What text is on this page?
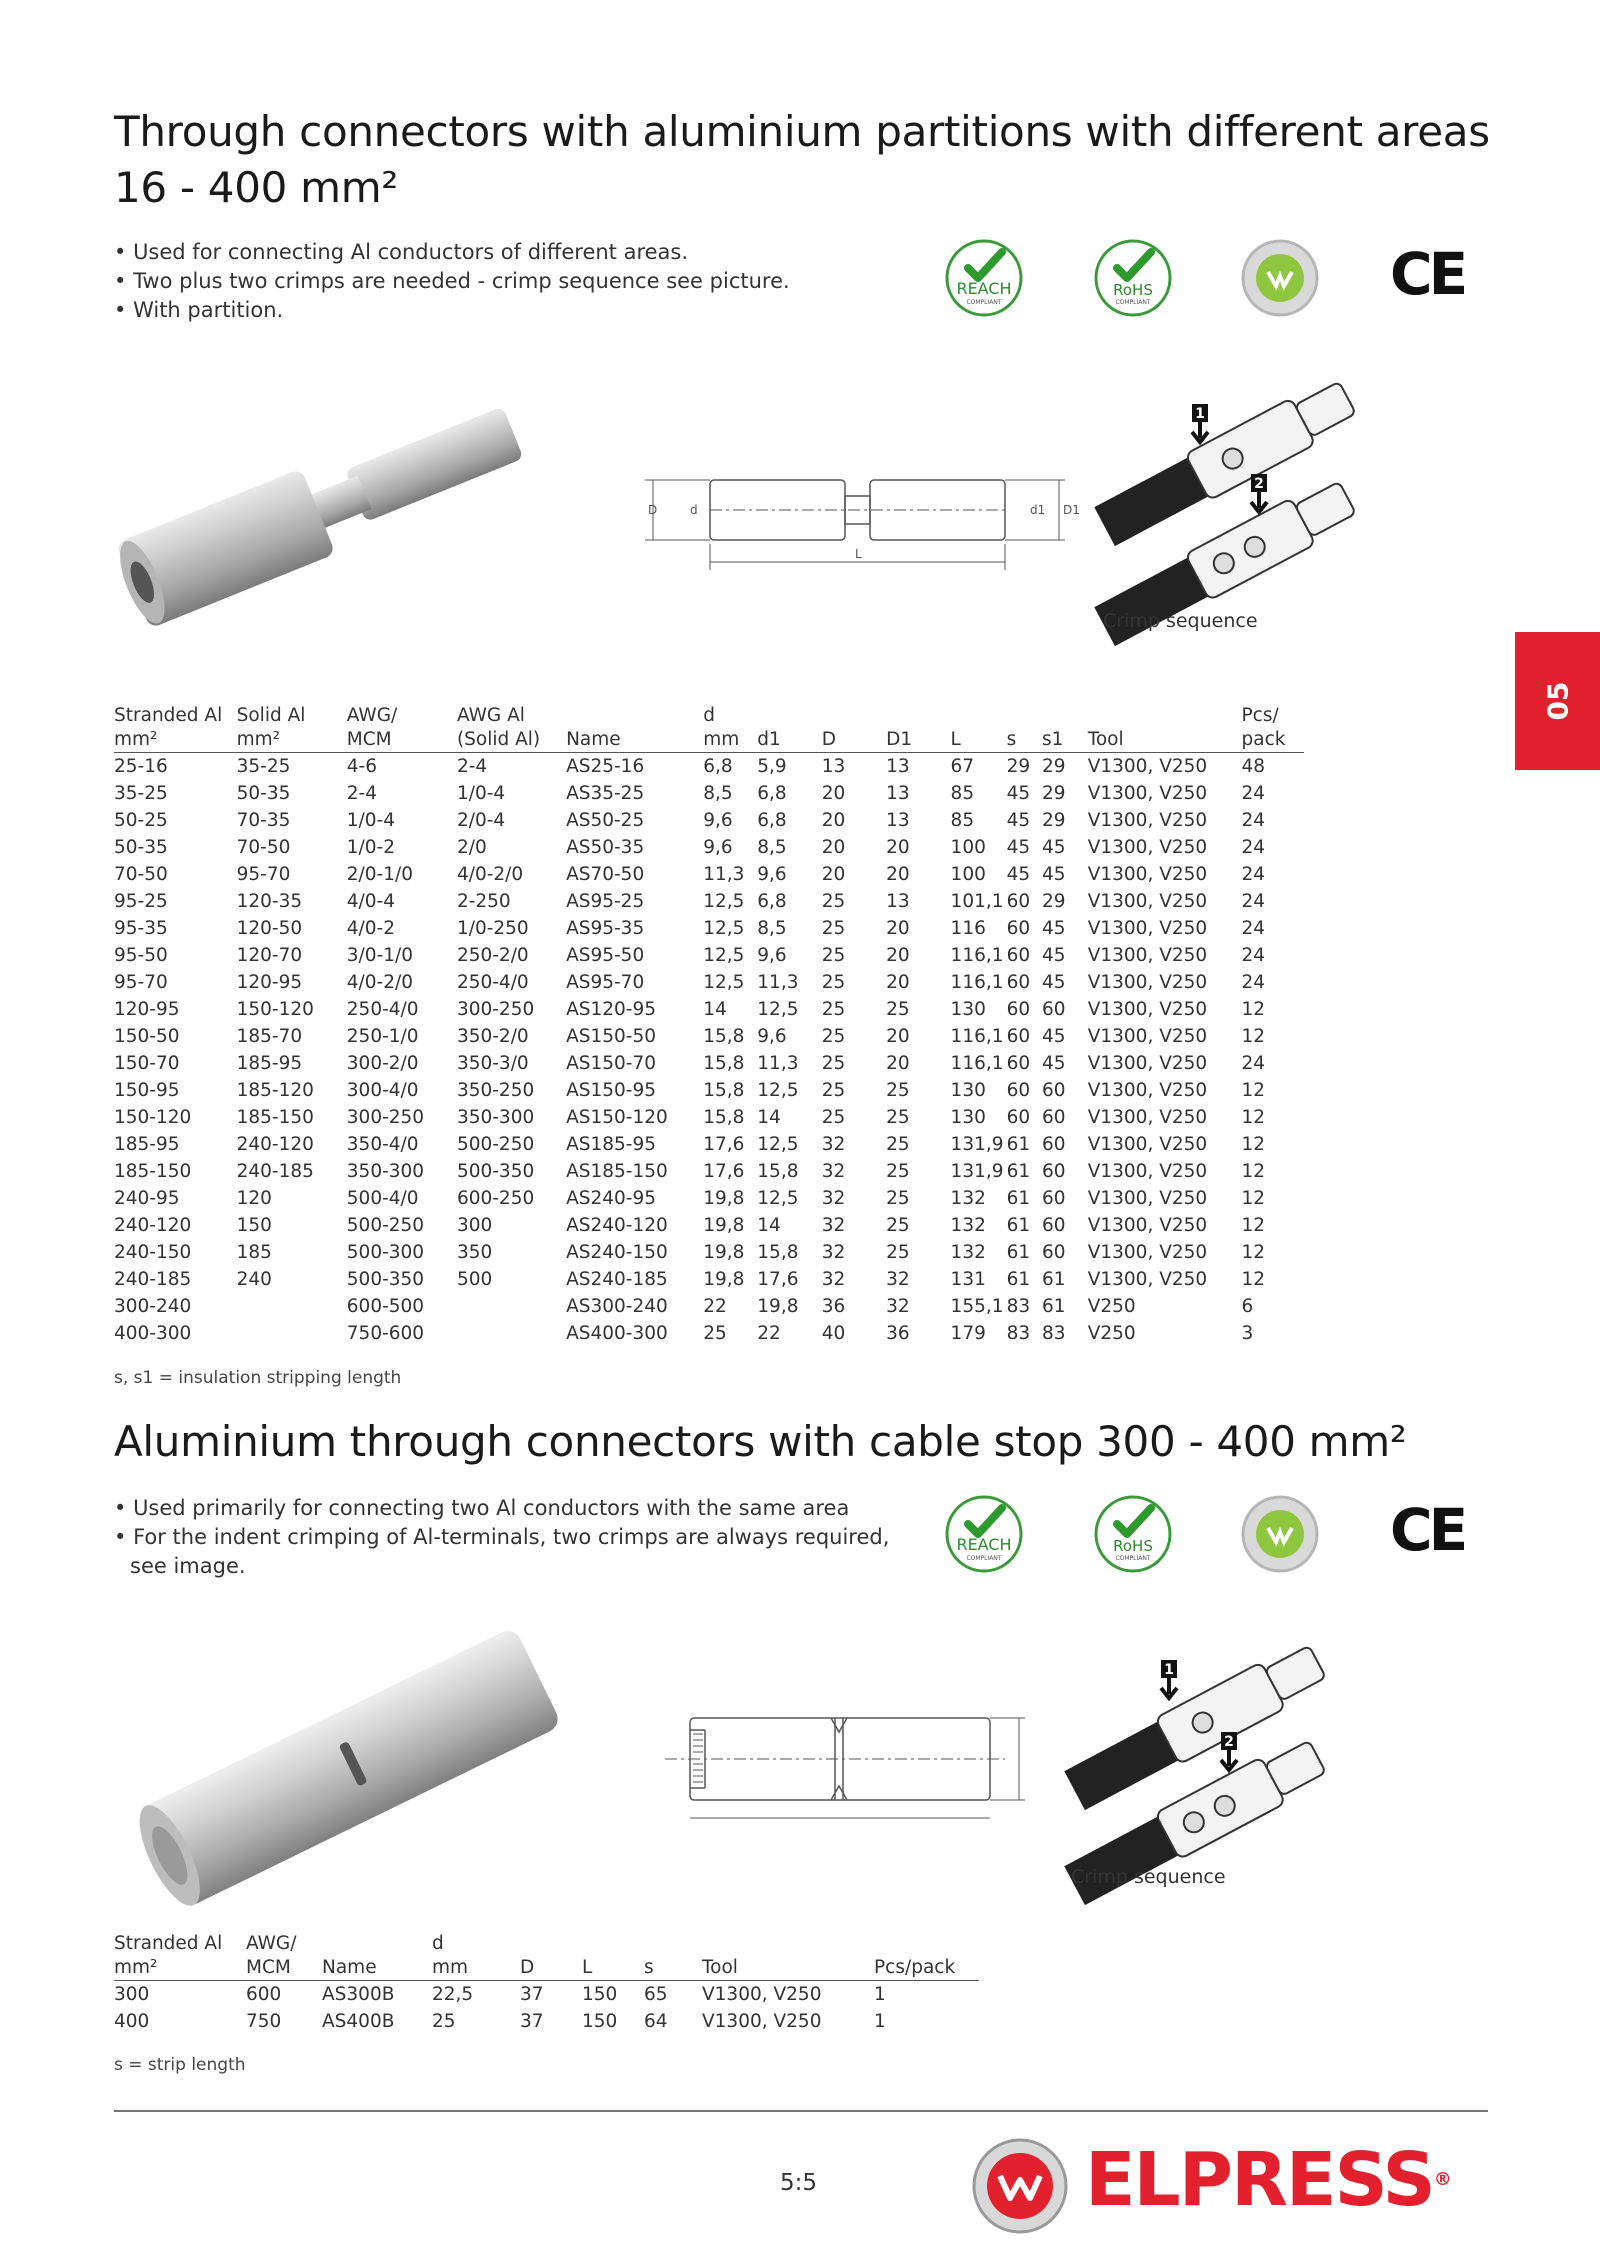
Through connectors with aluminium partitions with different areas
16 - 400 mm²
• Used for connecting Al conductors of different areas.
• Two plus two crimps are needed - crimp sequence see picture.
• With partition.
REACH
COMPLIANT
RoHS
COMPLIANT	CE
D	d	d1 D1
L
1
2
Crimp sequence
Stranded Al
mm²	Solid Al
mm²	AWG/
MCM	AWG Al
(Solid Al)	Name	d
mm	d1	D	D1	L	s	s1	Tool	Pcs/
pack
25-16	35-25	4-6	2-4	AS25-16	6,8	5,9	13	13	67	29	29	V1300, V250	48
35-25	50-35	2-4	1/0-4	AS35-25	8,5	6,8	20	13	85	45	29	V1300, V250	24
50-25	70-35	1/0-4	2/0-4	AS50-25	9,6	6,8	20	13	85	45	29	V1300, V250	24
50-35	70-50	1/0-2	2/0	AS50-35	9,6	8,5	20	20	100	45	45	V1300, V250	24
70-50	95-70	2/0-1/0	4/0-2/0	AS70-50	11,3	9,6	20	20	100	45	45	V1300, V250	24
95-25	120-35	4/0-4	2-250	AS95-25	12,5	6,8	25	13	101,1	60	29	V1300, V250	24
95-35	120-50	4/0-2	1/0-250	AS95-35	12,5	8,5	25	20	116	60	45	V1300, V250	24
95-50	120-70	3/0-1/0	250-2/0	AS95-50	12,5	9,6	25	20	116,1	60	45	V1300, V250	24
95-70	120-95	4/0-2/0	250-4/0	AS95-70	12,5	11,3	25	20	116,1	60	45	V1300, V250	24
120-95	150-120	250-4/0	300-250	AS120-95	14	12,5	25	25	130	60	60	V1300, V250	12
150-50	185-70	250-1/0	350-2/0	AS150-50	15,8	9,6	25	20	116,1	60	45	V1300, V250	12
150-70	185-95	300-2/0	350-3/0	AS150-70	15,8	11,3	25	20	116,1	60	45	V1300, V250	24
150-95	185-120	300-4/0	350-250	AS150-95	15,8	12,5	25	25	130	60	60	V1300, V250	12
150-120	185-150	300-250	350-300	AS150-120	15,8	14	25	25	130	60	60	V1300, V250	12
185-95	240-120	350-4/0	500-250	AS185-95	17,6	12,5	32	25	131,9	61	60	V1300, V250	12
185-150	240-185	350-300	500-350	AS185-150	17,6	15,8	32	25	131,9	61	60	V1300, V250	12
240-95	120	500-4/0	600-250	AS240-95	19,8	12,5	32	25	132	61	60	V1300, V250	12
240-120	150	500-250	300	AS240-120	19,8	14	32	25	132	61	60	V1300, V250	12
240-150	185	500-300	350	AS240-150	19,8	15,8	32	25	132	61	60	V1300, V250	12
240-185	240	500-350	500	AS240-185	19,8	17,6	32	32	131	61	61	V1300, V250	12
300-240		600-500		AS300-240	22	19,8	36	32	155,1	83	61	V250	6
400-300		750-600		AS400-300	25	22	40	36	179	83	83	V250	3
s, s1 = insulation stripping length
Aluminium through connectors with cable stop 300 - 400 mm²
• Used primarily for connecting two Al conductors with the same area
• For the indent crimping of Al-terminals, two crimps are always required, see image.
REACH
COMPLIANT
RoHS
COMPLIANT	CE
1
2
Crimp sequence
Stranded Al
mm²	AWG/
MCM	Name	d
mm	D	L	s	Tool	Pcs/pack
300	600	AS300B	22,5	37	150	65	V1300, V250	1
400	750	AS400B	25	37	150	64	V1300, V250	1
s = strip length
5:5	ELPRESS®
05
